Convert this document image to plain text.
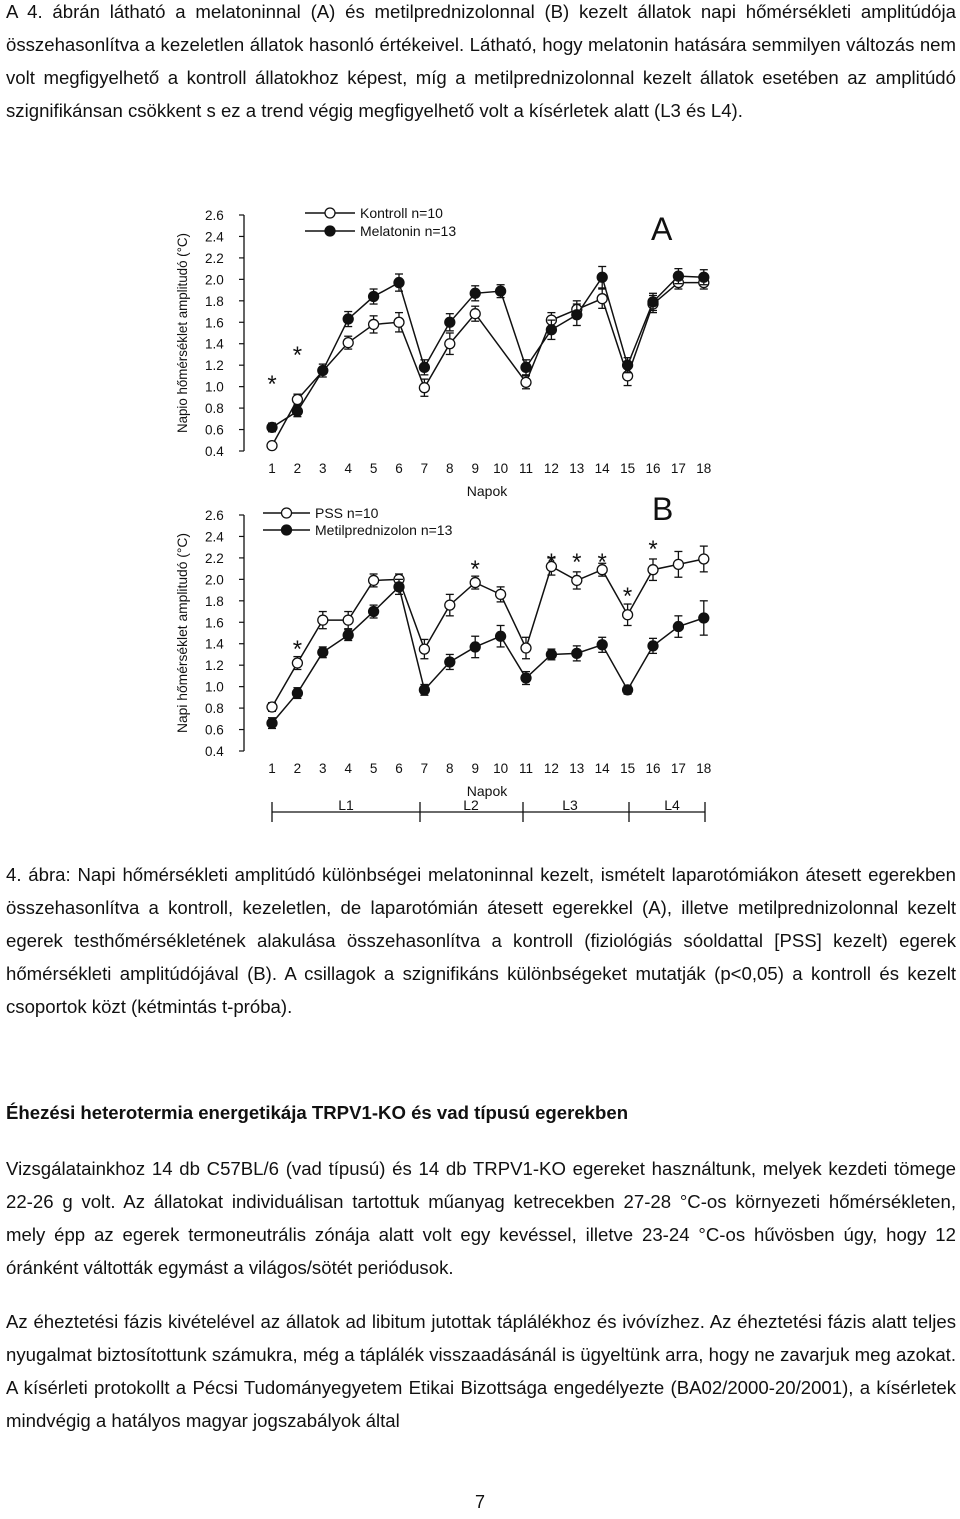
A 4. ábrán látható a melatoninnal (A) és metilprednizolonnal (B) kezelt állatok napi hőmérsékleti amplitúdója összehasonlítva a kezeletlen állatok hasonló értékeivel. Látható, hogy melatonin hatására semmilyen változás nem volt megfigyelhető a kontroll állatokhoz képest, míg a metilprednizolonnal kezelt állatok esetében az amplitúdó szignifikánsan csökkent s ez a trend végig megfigyelhető volt a kísérletek alatt (L3 és L4).

2.6
2.4
2.2
2.0
1.8
1.6
1.4
1.2
1.0
0.8
0.6
0.4
Napio hőmérséklet amplitudó (°C)
1 2 3 4 5 6 7 8 9 10 11 12 13 14 15 16 17 18
Napok
A
Kontroll n=10
Melatonin n=13
*
*
2.6
2.4
2.2
2.0
1.8
1.6
1.4
1.2
1.0
0.8
0.6
0.4
Napi hőmérséklet amplitudó (°C)
1 2 3 4 5 6 7 8 9 10 11 12 13 14 15 16 17 18
Napok
B
PSS n=10
Metilprednizolon n=13
*
*	* * *
*
*
L1	L2	L3	L4

4. ábra: Napi hőmérsékleti amplitúdó különbségei melatoninnal kezelt, ismételt laparotómiákon átesett egerekben összehasonlítva a kontroll, kezeletlen, de laparotómián átesett egerekkel (A), illetve metilprednizolonnal kezelt egerek testhőmérsékletének alakulása összehasonlítva a kontroll (fiziológiás sóoldattal [PSS] kezelt) egerek hőmérsékleti amplitúdójával (B). A csillagok a szignifikáns különbségeket mutatják (p<0,05) a kontroll és kezelt csoportok közt (kétmintás t-próba).

Éhezési heterotermia energetikája TRPV1-KO és vad típusú egerekben

Vizsgálatainkhoz 14 db C57BL/6 (vad típusú) és 14 db TRPV1-KO egereket használtunk, melyek kezdeti tömege 22-26 g volt. Az állatokat individuálisan tartottuk műanyag ketrecekben 27-28 °C-os környezeti hőmérsékleten, mely épp az egerek termoneutrális zónája alatt volt egy kevéssel, illetve 23-24 °C-os hűvösben úgy, hogy 12 óránként váltották egymást a világos/sötét periódusok.

Az éheztetési fázis kivételével az állatok ad libitum jutottak táplálékhoz és ivóvízhez. Az éheztetési fázis alatt teljes nyugalmat biztosítottunk számukra, még a táplálék visszaadásánál is ügyeltünk arra, hogy ne zavarjuk meg azokat. A kísérleti protokollt a Pécsi Tudományegyetem Etikai Bizottsága engedélyezte (BA02/2000-20/2001), a kísérletek mindvégig a hatályos magyar jogszabályok által

7
